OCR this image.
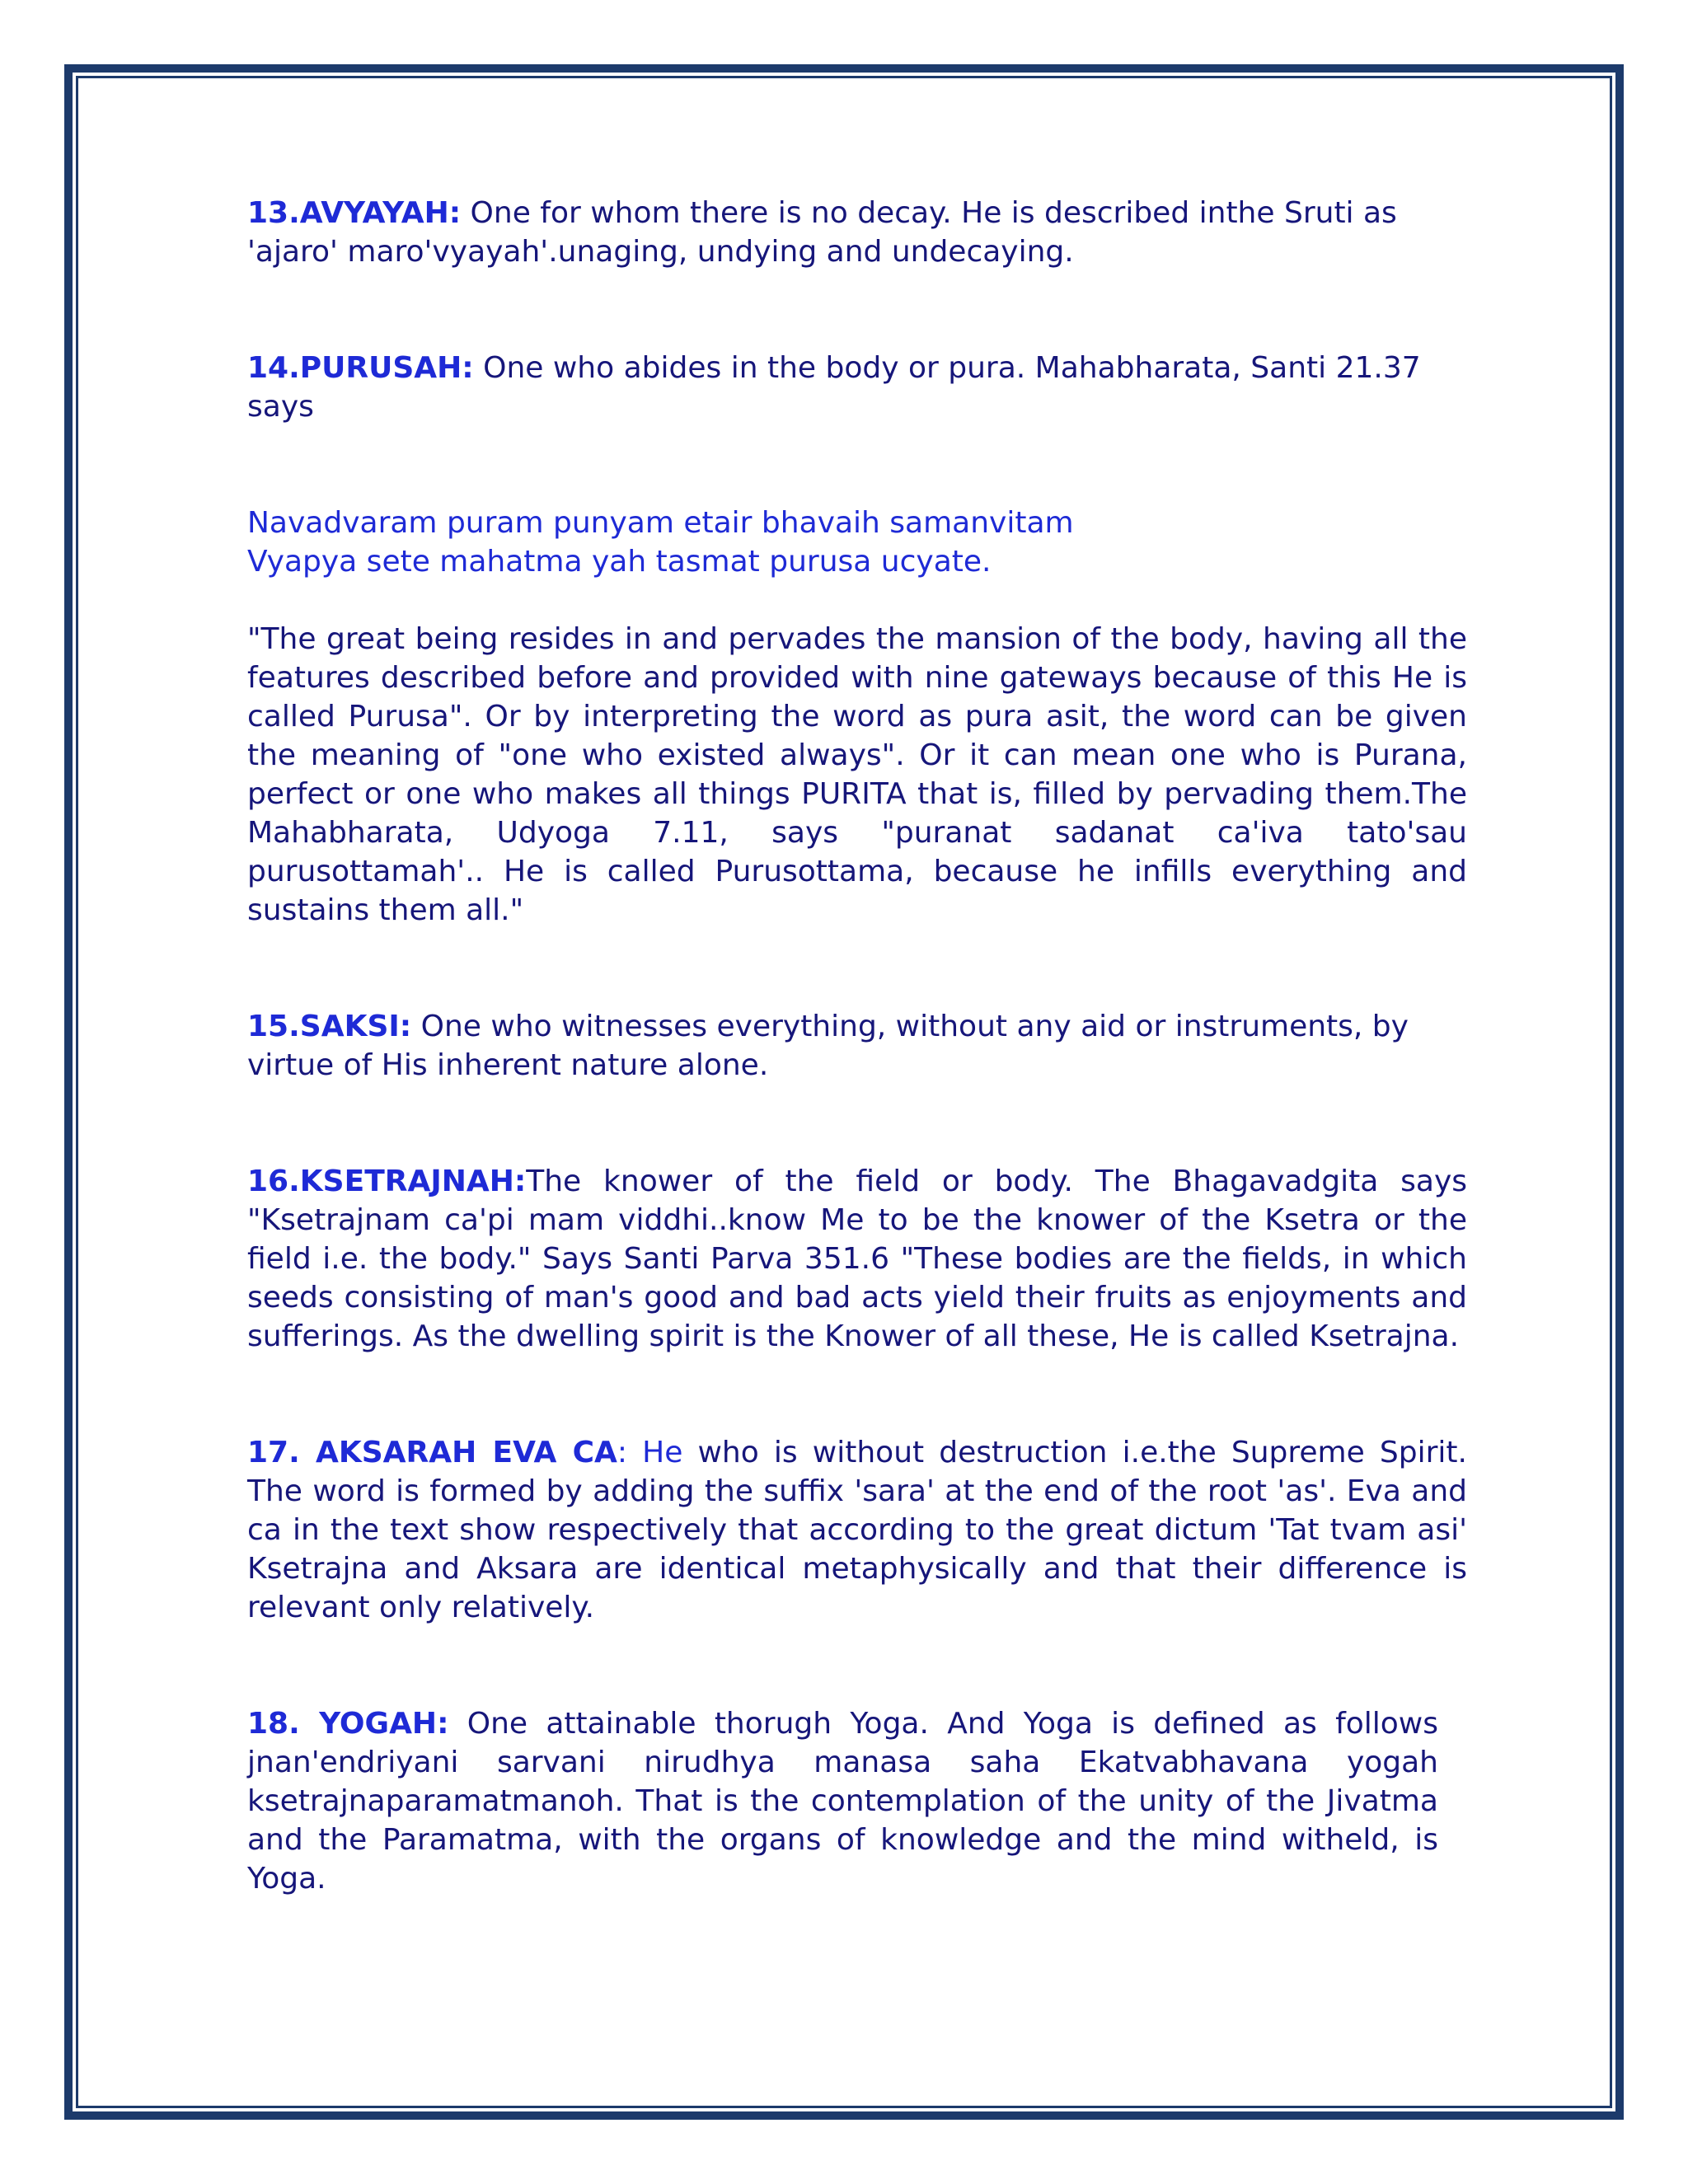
13.AVYAYAH: One for whom there is no decay. He is described inthe Sruti as
'ajaro' maro'vyayah'.unaging, undying and undecaying.

14.PURUSAH: One who abides in the body or pura. Mahabharata, Santi 21.37 says

Navadvaram puram punyam etair bhavaih samanvitam
Vyapya sete mahatma yah tasmat purusa ucyate.

"The great being resides in and pervades the mansion of the body, having all the features described before and provided with nine gateways because of this He is called Purusa". Or by interpreting the word as pura asit, the word can be given the meaning of "one who existed always". Or it can mean one who is Purana, perfect or one who makes all things PURITA that is, filled by pervading them.The Mahabharata, Udyoga 7.11, says "puranat sadanat ca'iva tato'sau purusottamah'.. He is called Purusottama, because he infills everything and sustains them all."

15.SAKSI: One who witnesses everything, without any aid or instruments, by
virtue of His inherent nature alone.

16.KSETRAJNAH:The knower of the field or body. The Bhagavadgita says "Ksetrajnam ca'pi mam viddhi..know Me to be the knower of the Ksetra or the field i.e. the body." Says Santi Parva 351.6 "These bodies are the fields, in which seeds consisting of man's good and bad acts yield their fruits as enjoyments and sufferings. As the dwelling spirit is the Knower of all these, He is called Ksetrajna.

17. AKSARAH EVA CA: He who is without destruction i.e.the Supreme Spirit. The word is formed by adding the suffix 'sara' at the end of the root 'as'. Eva and ca in the text show respectively that according to the great dictum 'Tat tvam asi' Ksetrajna and Aksara are identical metaphysically and that their difference is relevant only relatively.

18. YOGAH: One attainable thorugh Yoga. And Yoga is defined as follows jnan'endriyani sarvani nirudhya manasa saha Ekatvabhavana yogah ksetrajnaparamatmanoh. That is the contemplation of the unity of the Jivatma and the Paramatma, with the organs of knowledge and the mind witheld, is Yoga.
